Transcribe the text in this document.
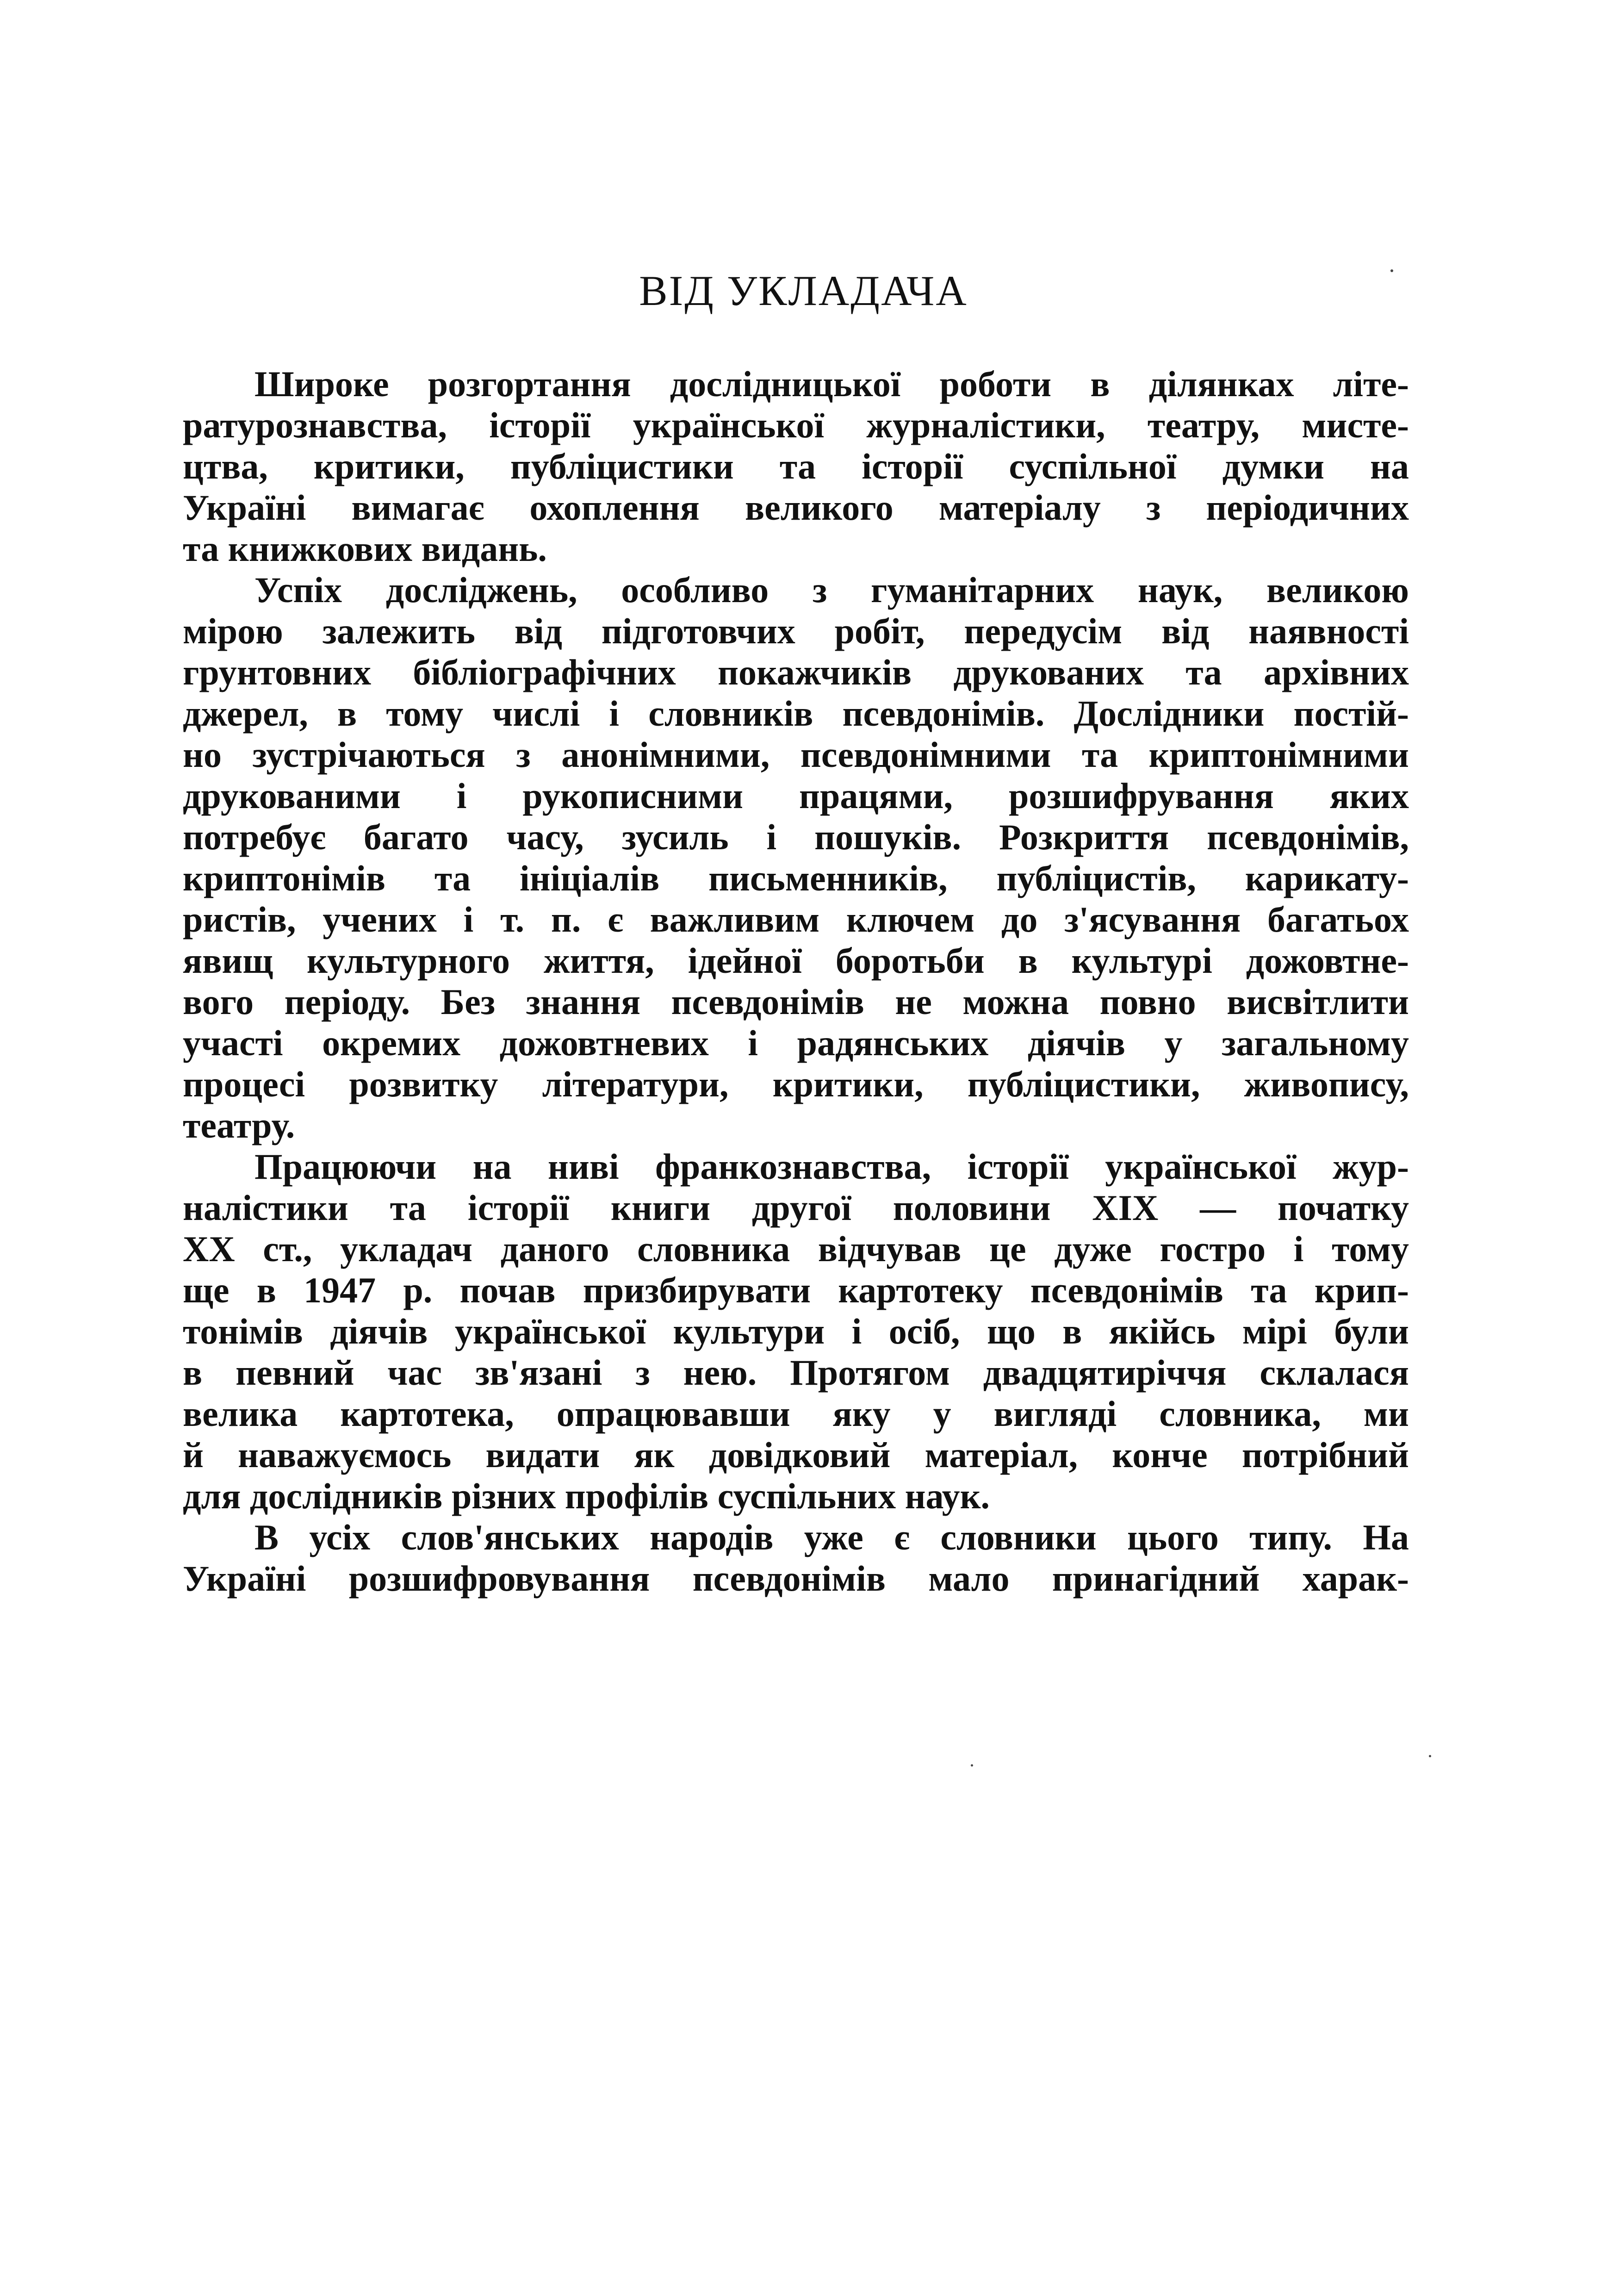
ВІД УКЛАДАЧА
Широке розгортання дослідницької роботи в ділянках літе-
ратурознавства, історії української журналістики, театру, мисте-
цтва, критики, публіцистики та історії суспільної думки на
Україні вимагає охоплення великого матеріалу з періодичних
та книжкових видань.
Успіх досліджень, особливо з гуманітарних наук, великою
мірою залежить від підготовчих робіт, передусім від наявності
грунтовних бібліографічних покажчиків друкованих та архівних
джерел, в тому числі і словників псевдонімів. Дослідники постій-
но зустрічаються з анонімними, псевдонімними та криптонімними
друкованими і рукописними працями, розшифрування яких
потребує багато часу, зусиль і пошуків. Розкриття псевдонімів,
криптонімів та ініціалів письменників, публіцистів, карикату-
ристів, учених і т. п. є важливим ключем до з'ясування багатьох
явищ культурного життя, ідейної боротьби в культурі дожовтне-
вого періоду. Без знання псевдонімів не можна повно висвітлити
участі окремих дожовтневих і радянських діячів у загальному
процесі розвитку літератури, критики, публіцистики, живопису,
театру.
Працюючи на ниві франкознавства, історії української жур-
налістики та історії книги другої половини XIX — початку
XX ст., укладач даного словника відчував це дуже гостро і тому
ще в 1947 р. почав призбирувати картотеку псевдонімів та крип-
тонімів діячів української культури і осіб, що в якійсь мірі були
в певний час зв'язані з нею. Протягом двадцятиріччя склалася
велика картотека, опрацювавши яку у вигляді словника, ми
й наважуємось видати як довідковий матеріал, конче потрібний
для дослідників різних профілів суспільних наук.
В усіх слов'янських народів уже є словники цього типу. На
Україні розшифровування псевдонімів мало принагідний харак-
